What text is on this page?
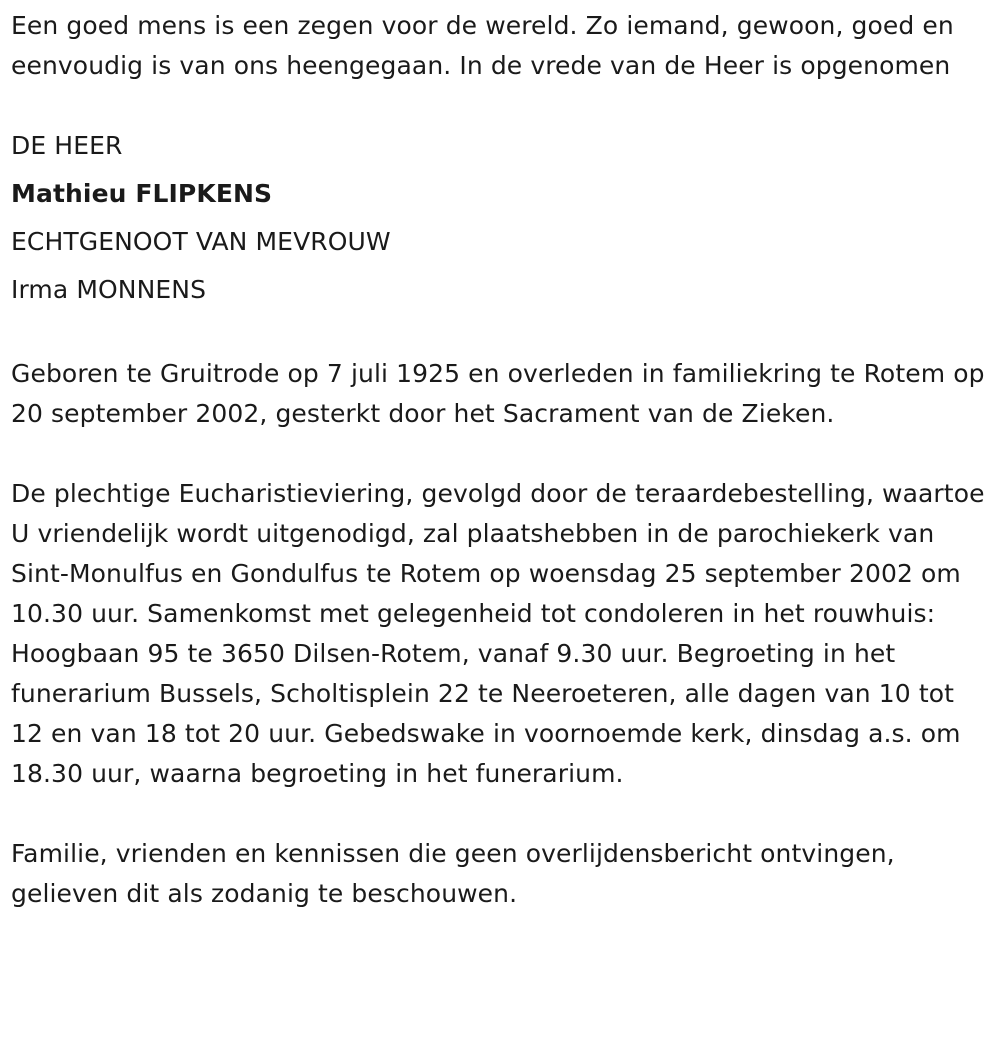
Een goed mens is een zegen voor de wereld. Zo iemand, gewoon, goed en eenvoudig is van ons heengegaan. In de vrede van de Heer is opgenomen

DE HEER
Mathieu FLIPKENS
ECHTGENOOT VAN MEVROUW
Irma MONNENS

Geboren te Gruitrode op 7 juli 1925 en overleden in familiekring te Rotem op 20 september 2002, gesterkt door het Sacrament van de Zieken.

De plechtige Eucharistieviering, gevolgd door de teraardebestelling, waartoe U vriendelijk wordt uitgenodigd, zal plaatshebben in de parochiekerk van Sint-Monulfus en Gondulfus te Rotem op woensdag 25 september 2002 om 10.30 uur. Samenkomst met gelegenheid tot condoleren in het rouwhuis: Hoogbaan 95 te 3650 Dilsen-Rotem, vanaf 9.30 uur. Begroeting in het funerarium Bussels, Scholtisplein 22 te Neeroeteren, alle dagen van 10 tot 12 en van 18 tot 20 uur. Gebedswake in voornoemde kerk, dinsdag a.s. om 18.30 uur, waarna begroeting in het funerarium.

Familie, vrienden en kennissen die geen overlijdensbericht ontvingen, gelieven dit als zodanig te beschouwen.
